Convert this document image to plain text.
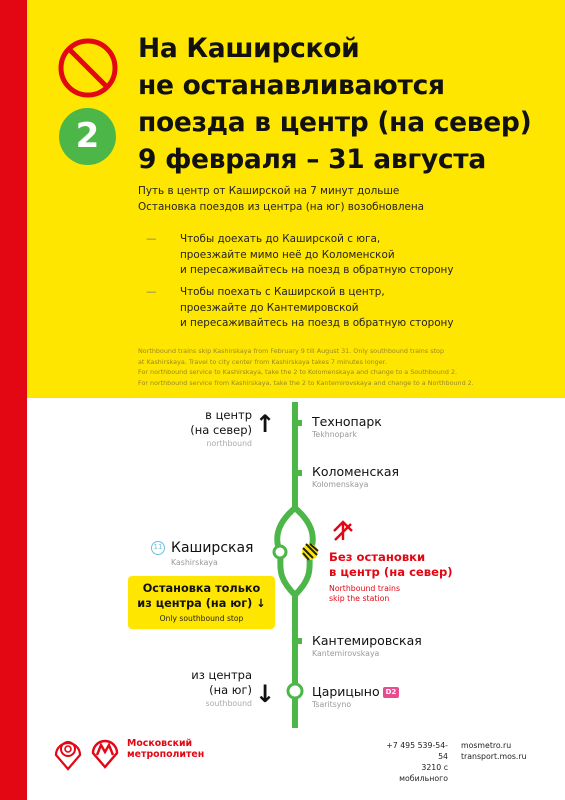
2
На Каширской
не останавливаются
поезда в центр (на север)
9 февраля – 31 августа
Путь в центр от Каширской на 7 минут дольше
Остановка поездов из центра (на юг) возобновлена
— Чтобы доехать до Каширской с юга,
проезжайте мимо неё до Коломенской
и пересаживайтесь на поезд в обратную сторону
— Чтобы поехать с Каширской в центр,
проезжайте до Кантемировской
и пересаживайтесь на поезд в обратную сторону
Northbound trains skip Kashirskaya from February 9 till August 31. Only southbound trains stop
at Kashirskaya. Travel to city center from Kashirskaya takes 7 minutes longer.
For northbound service to Kashirskaya, take the 2 to Kolomenskaya and change to a Southbound 2.
For northbound service from Kashirskaya, take the 2 to Kantemirovskaya and change to a Northbound 2.
в центр
(на север)
northbound
↑
из центра
(на юг)
southbound ↓
Технопарк
Tekhnopark
Коломенская
Kolomenskaya
11 Каширская
Kashirskaya
Кантемировская
Kantemirovskaya
Царицыно D2
Tsaritsyno
Остановка только
из центра (на юг) ↓
Only southbound stop
Без остановки
в центр (на север)
Northbound trains
skip the station
Московский
метрополитен
+7 495 539-54-54
3210 с мобильного
mosmetro.ru
transport.mos.ru
